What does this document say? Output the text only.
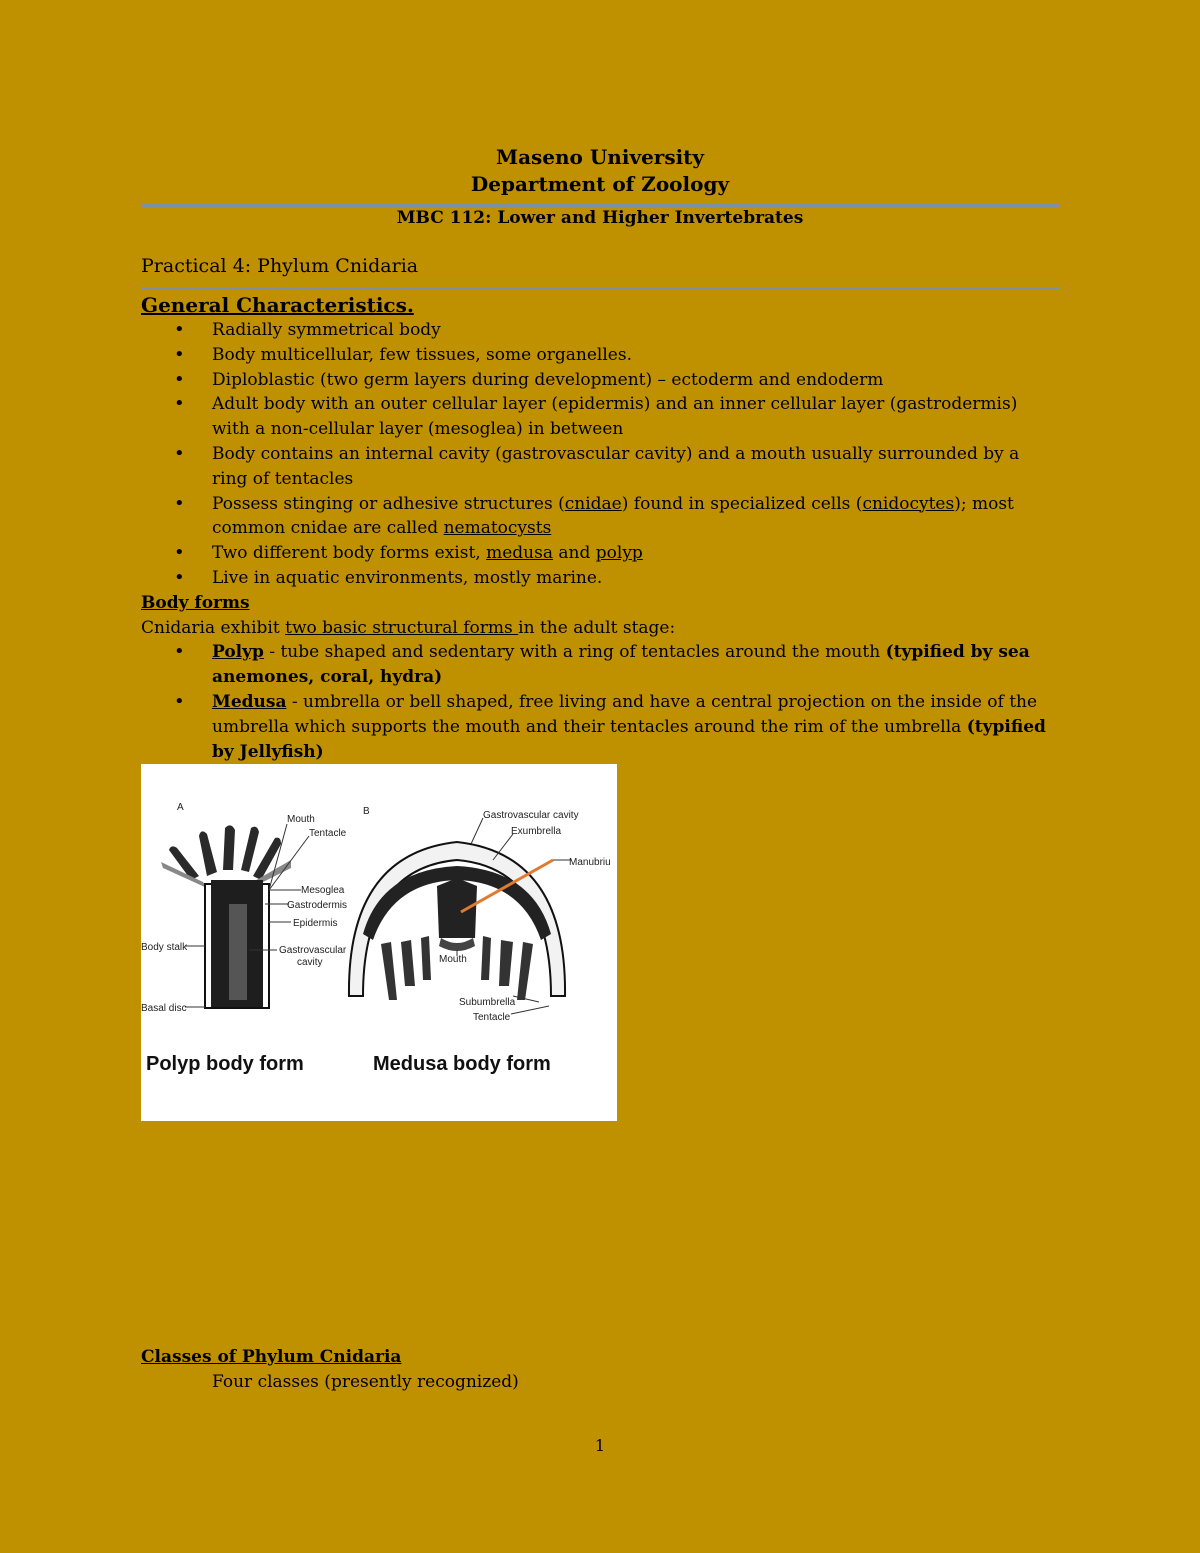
Maseno University
Department of Zoology
MBC 112: Lower and Higher Invertebrates
Practical 4: Phylum Cnidaria
General Characteristics.
• Radially symmetrical body
• Body multicellular, few tissues, some organelles.
• Diploblastic (two germ layers during development) – ectoderm and endoderm
• Adult body with an outer cellular layer (epidermis) and an inner cellular layer (gastrodermis) with a non-cellular layer (mesoglea) in between
• Body contains an internal cavity (gastrovascular cavity) and a mouth usually surrounded by a ring of tentacles
• Possess stinging or adhesive structures (cnidae) found in specialized cells (cnidocytes); most common cnidae are called nematocysts
• Two different body forms exist, medusa and polyp
• Live in aquatic environments, mostly marine.
Body forms
Cnidaria exhibit two basic structural forms in the adult stage:
• Polyp - tube shaped and sedentary with a ring of tentacles around the mouth (typified by sea anemones, coral, hydra)
• Medusa - umbrella or bell shaped, free living and have a central projection on the inside of the umbrella which supports the mouth and their tentacles around the rim of the umbrella (typified by Jellyfish)
Classes of Phylum Cnidaria
Four classes (presently recognized)
A
Mouth
Tentacle
Mesoglea
Gastrodermis
Epidermis
Gastrovascular
cavity
Body stalk
Basal disc
B	Gastrovascular cavity
Exumbrella
Manubriu
Mouth
Subumbrella
Tentacle
Polyp body form	Medusa body form
1
